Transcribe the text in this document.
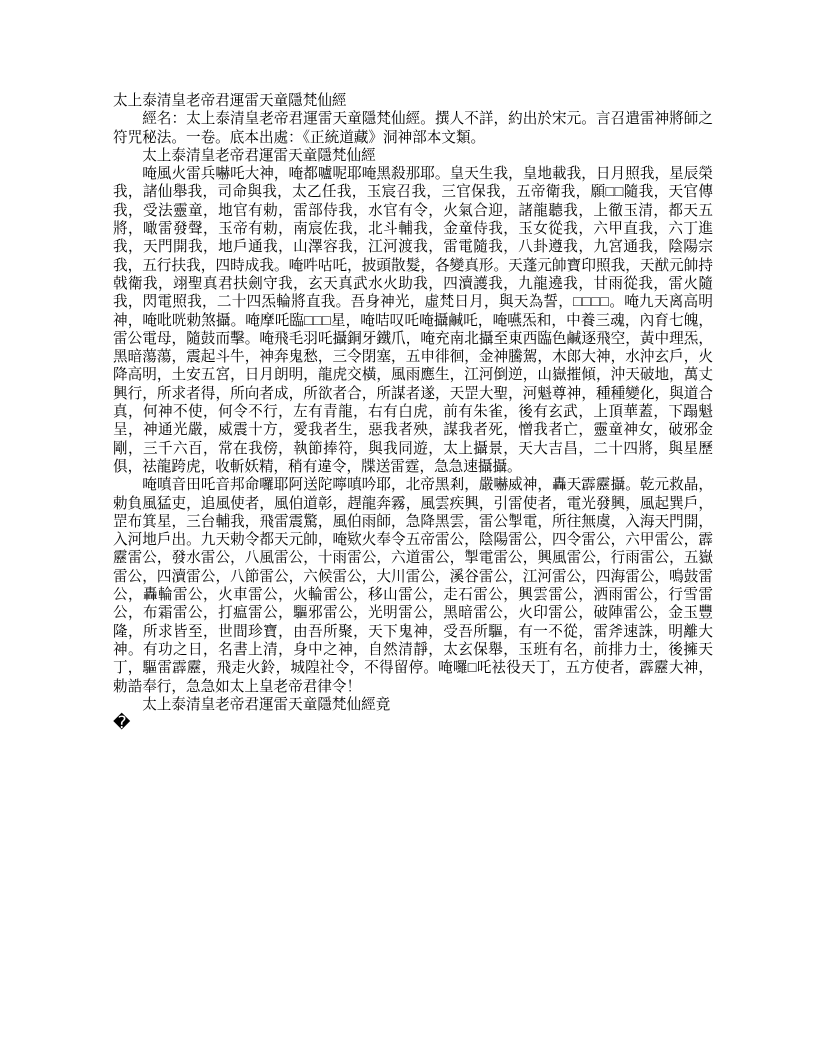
太上泰清皇老帝君運雷天童隱梵仙經

經名：太上泰清皇老帝君運雷天童隱梵仙經。撰人不詳，約出於宋元。言召遣雷神將師之符咒秘法。一卷。底本出處：《正統道藏》洞神部本文類。

太上泰清皇老帝君運雷天童隱梵仙經

唵風火雷兵嚇吒大神，唵都嚧呢耶唵黑殺那耶。皇天生我，皇地載我，日月照我，星辰榮我，諸仙舉我，司命與我，太乙任我，玉宸召我，三官保我，五帝衛我，願□□隨我，天官傳我，受法靈童，地官有勅，雷部侍我，水官有令，火氣合迎，諸龍聽我，上徹玉清，都天五將，噉雷發聲，玉帝有勅，南宸佐我，北斗輔我，金童侍我，玉女從我，六甲直我，六丁進我，天門開我，地戶通我，山澤容我，江河渡我，雷電隨我，八卦遵我，九宮通我，陰陽宗我，五行扶我，四時成我。唵吽咕吒，披頭散髮，各變真形。天蓬元帥寶印照我，天猷元帥持戟衛我，翊聖真君扶劍守我，玄天真武水火助我，四瀆護我，九龍遶我，甘雨從我，雷火隨我，閃電照我，二十四炁輪將直我。吾身神光，虛梵日月，與天為誓，□□□□。唵九天离高明神，唵吡咣勅煞攝。唵摩吒臨□□□星，唵咭叹吒唵攝鹹吒，唵嚥炁和，中養三魂，內育七魄，雷公電母，隨鼓而擊。唵飛毛羽吒攝銅牙鐵爪，唵充南北攝至東西臨色鹹逐飛空，黃中理炁，黑暗蕩蕩，震起斗牛，神奔鬼愁，三令閉塞，五申徘徊，金神騰駕，木郎大神，水沖玄戶，火降高明，土安五宮，日月朗明，龍虎交橫，風雨應生，江河倒逆，山嶽摧傾，沖天破地，萬丈興行，所求者得，所向者成，所欲者合，所謀者遂，天罡大聖，河魁尊神，種種變化，與道合真，何神不使，何令不行，左有青龍，右有白虎，前有朱雀，後有玄武，上頂華蓋，下蹋魁呈，神通光嚴，威震十方，愛我者生，惡我者殃，謀我者死，憎我者亡，靈童神女，破邪金剛，三千六百，常在我傍，執節捧符，與我同遊，太上攝景，天大吉昌，二十四將，與星歷俱，祛龍跨虎，收斬妖精，稍有違令，牒送雷霆，急急速攝攝。

唵嗔音田吒音邦命囉耶阿送陀嚀嗔吟耶，北帝黑剎，嚴嚇威神，轟天霹靂攝。乾元救晶，勅負風猛吏，追風使者，風伯道彰，趕龍奔霧，風雲疾興，引雷使者，電光發興，風起巽戶，罡布箕星，三台輔我，飛雷震驚，風伯雨師，急降黑雲，雷公掣電，所往無虞，入海天門開，入河地戶出。九天勅令都天元帥，唵欵火奉令五帝雷公，陰陽雷公，四令雷公，六甲雷公，霹靂雷公，發水雷公，八風雷公，十雨雷公，六道雷公，掣電雷公，興風雷公，行雨雷公，五嶽雷公，四瀆雷公，八節雷公，六候雷公，大川雷公，溪谷雷公，江河雷公，四海雷公，鳴鼓雷公，轟輪雷公，火車雷公，火輪雷公，移山雷公，走石雷公，興雲雷公，洒雨雷公，行雪雷公，布霜雷公，打瘟雷公，驅邪雷公，光明雷公，黑暗雷公，火印雷公，破陣雷公，金玉豐隆，所求皆至，世間珍寶，由吾所聚，天下鬼神，受吾所驅，有一不從，雷斧速誅，明離大神。有功之日，名書上清，身中之神，自然清靜，太玄保舉，玉班有名，前排力士，後擁天丁，驅雷霹靂，飛走火鈴，城隍社令，不得留停。唵囉□吒袪役天丁，五方使者，霹靂大神，勅誥奉行，急急如太上皇老帝君律令！

太上泰清皇老帝君運雷天童隱梵仙經竟

�
